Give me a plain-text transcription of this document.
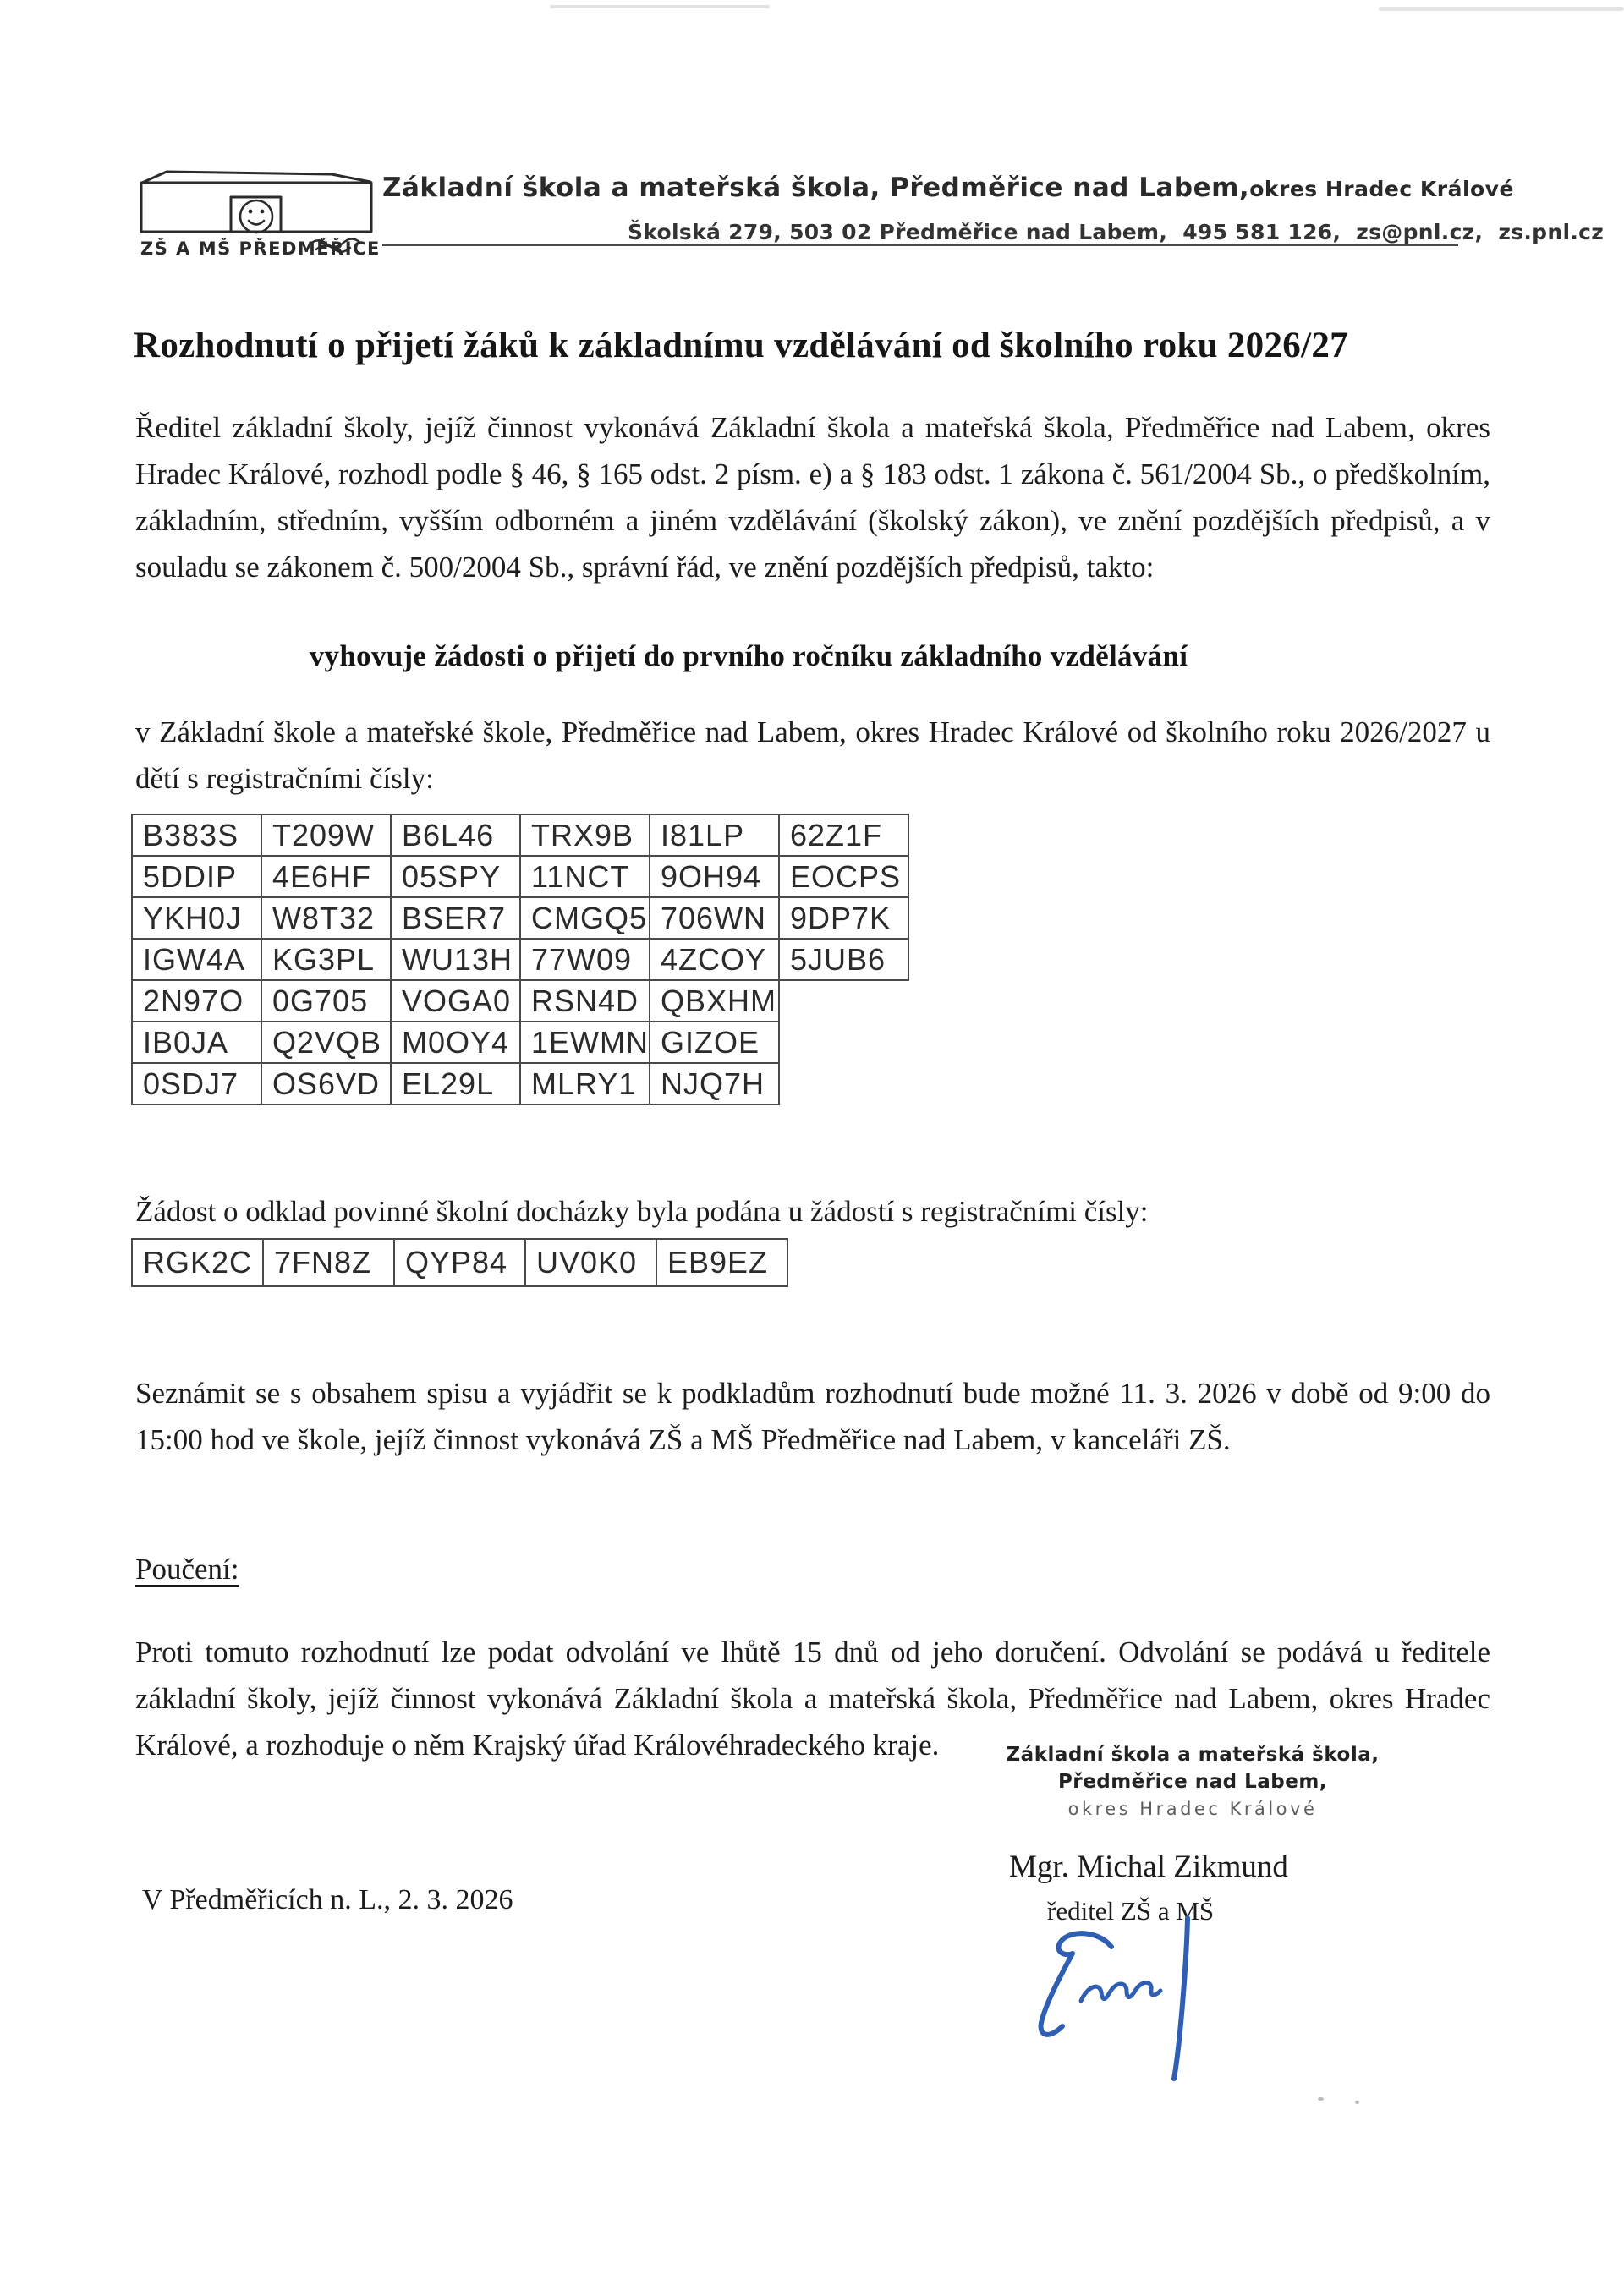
ZŠ A MŠ PŘEDMĚŘICE
Základní škola a mateřská škola, Předměřice nad Labem,okres Hradec Králové
Školská 279, 503 02 Předměřice nad Labem,  495 581 126,  zs@pnl.cz,  zs.pnl.cz
Rozhodnutí o přijetí žáků k základnímu vzdělávání od školního roku 2026/27
Ředitel základní školy, jejíž činnost vykonává Základní škola a mateřská škola, Předměřice nad Labem, okres Hradec Králové, rozhodl podle § 46, § 165 odst. 2 písm. e) a § 183 odst. 1 zákona č. 561/2004 Sb., o předškolním, základním, středním, vyšším odborném a jiném vzdělávání (školský zákon), ve znění pozdějších předpisů, a v souladu se zákonem č. 500/2004 Sb., správní řád, ve znění pozdějších předpisů, takto:
vyhovuje žádosti o přijetí do prvního ročníku základního vzdělávání
v Základní škole a mateřské škole, Předměřice nad Labem, okres Hradec Králové od školního roku 2026/2027 u dětí s registračními čísly:
B383S	T209W	B6L46	TRX9B	I81LP	62Z1F
5DDIP	4E6HF	05SPY	11NCT	9OH94	EOCPS
YKH0J	W8T32	BSER7	CMGQ5	706WN	9DP7K
IGW4A	KG3PL	WU13H	77W09	4ZCOY	5JUB6
2N97O	0G705	VOGA0	RSN4D	QBXHM	
IB0JA	Q2VQB	M0OY4	1EWMN	GIZOE	
0SDJ7	OS6VD	EL29L	MLRY1	NJQ7H	
Žádost o odklad povinné školní docházky byla podána u žádostí s registračními čísly:
RGK2C	7FN8Z	QYP84	UV0K0	EB9EZ
Seznámit se s obsahem spisu a vyjádřit se k podkladům rozhodnutí bude možné 11. 3. 2026 v době od 9:00 do 15:00 hod ve škole, jejíž činnost vykonává ZŠ a MŠ Předměřice nad Labem, v kanceláři ZŠ.
Poučení:
Proti tomuto rozhodnutí lze podat odvolání ve lhůtě 15 dnů od jeho doručení. Odvolání se podává u ředitele základní školy, jejíž činnost vykonává Základní škola a mateřská škola, Předměřice nad Labem, okres Hradec Králové, a rozhoduje o něm Krajský úřad Královéhradeckého kraje.	Základní škola a mateřská škola,
Předměřice nad Labem,
okres Hradec Králové
Mgr. Michal Zikmund
V Předměřicích n. L., 2. 3. 2026	ředitel ZŠ a MŠ
